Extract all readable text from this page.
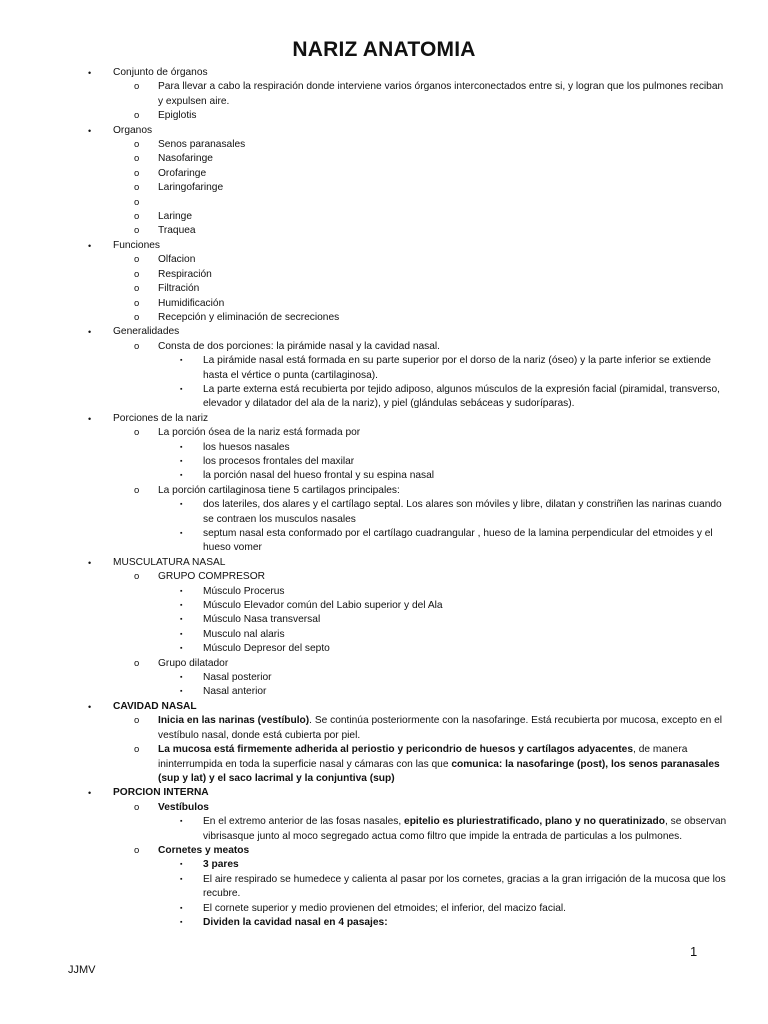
NARIZ ANATOMIA
• Conjunto de órganos
o Para llevar a cabo la respiración donde interviene varios órganos interconectados entre si, y logran que los pulmones reciban y expulsen aire.
o Epiglotis
• Organos
o Senos paranasales
o Nasofaringe
o Orofaringe
o Laringofaringe
o

o Laringe
o Traquea
• Funciones
o Olfacion
o Respiración
o Filtración
o Humidificación
o Recepción y eliminación de secreciones
• Generalidades
o Consta de dos porciones: la pirámide nasal y la cavidad nasal.
▪ La pirámide nasal está formada en su parte superior por el dorso de la nariz (óseo) y la parte inferior se extiende hasta el vértice o punta (cartilaginosa).
▪ La parte externa está recubierta por tejido adiposo, algunos músculos de la expresión facial (piramidal, transverso, elevador y dilatador del ala de la nariz), y piel (glándulas sebáceas y sudoríparas).
• Porciones de la nariz
o La porción ósea de la nariz está formada por
▪ los huesos nasales
▪ los procesos frontales del maxilar
▪ la porción nasal del hueso frontal y su espina nasal
o La porción cartilaginosa tiene 5 cartilagos principales:
▪ dos lateriles, dos alares y el cartílago septal. Los alares son móviles y libre, dilatan y constriñen las narinas cuando se contraen los musculos nasales
▪ septum nasal esta conformado por el cartílago cuadrangular , hueso de la lamina perpendicular del etmoides y el hueso vomer
• MUSCULATURA NASAL
o GRUPO COMPRESOR
▪ Músculo Procerus
▪ Músculo Elevador común del Labio superior y del Ala
▪ Músculo Nasa transversal
▪ Musculo nal alaris
▪ Músculo Depresor del septo
o Grupo dilatador
▪ Nasal posterior
▪ Nasal anterior
• CAVIDAD NASAL
o Inicia en las narinas (vestíbulo). Se continúa posteriormente con la nasofaringe. Está recubierta por mucosa, excepto en el vestíbulo nasal, donde está cubierta por piel.
o La mucosa está firmemente adherida al periostio y pericondrio de huesos y cartílagos adyacentes, de manera ininterrumpida en toda la superficie nasal y cámaras con las que comunica: la nasofaringe (post), los senos paranasales (sup y lat) y el saco lacrimal y la conjuntiva (sup)
• PORCION INTERNA
o Vestíbulos
▪ En el extremo anterior de las fosas nasales, epitelio es pluriestratificado, plano y no queratinizado, se observan vibrisasque junto al moco segregado actua como filtro que impide la entrada de particulas a los pulmones.
o Cornetes y meatos
▪ 3 pares
▪ El aire respirado se humedece y calienta al pasar por los cornetes, gracias a la gran irrigación de la mucosa que los recubre.
▪ El cornete superior y medio provienen del etmoides; el inferior, del macizo facial.
▪ Dividen la cavidad nasal en 4 pasajes:
1
JJMV
